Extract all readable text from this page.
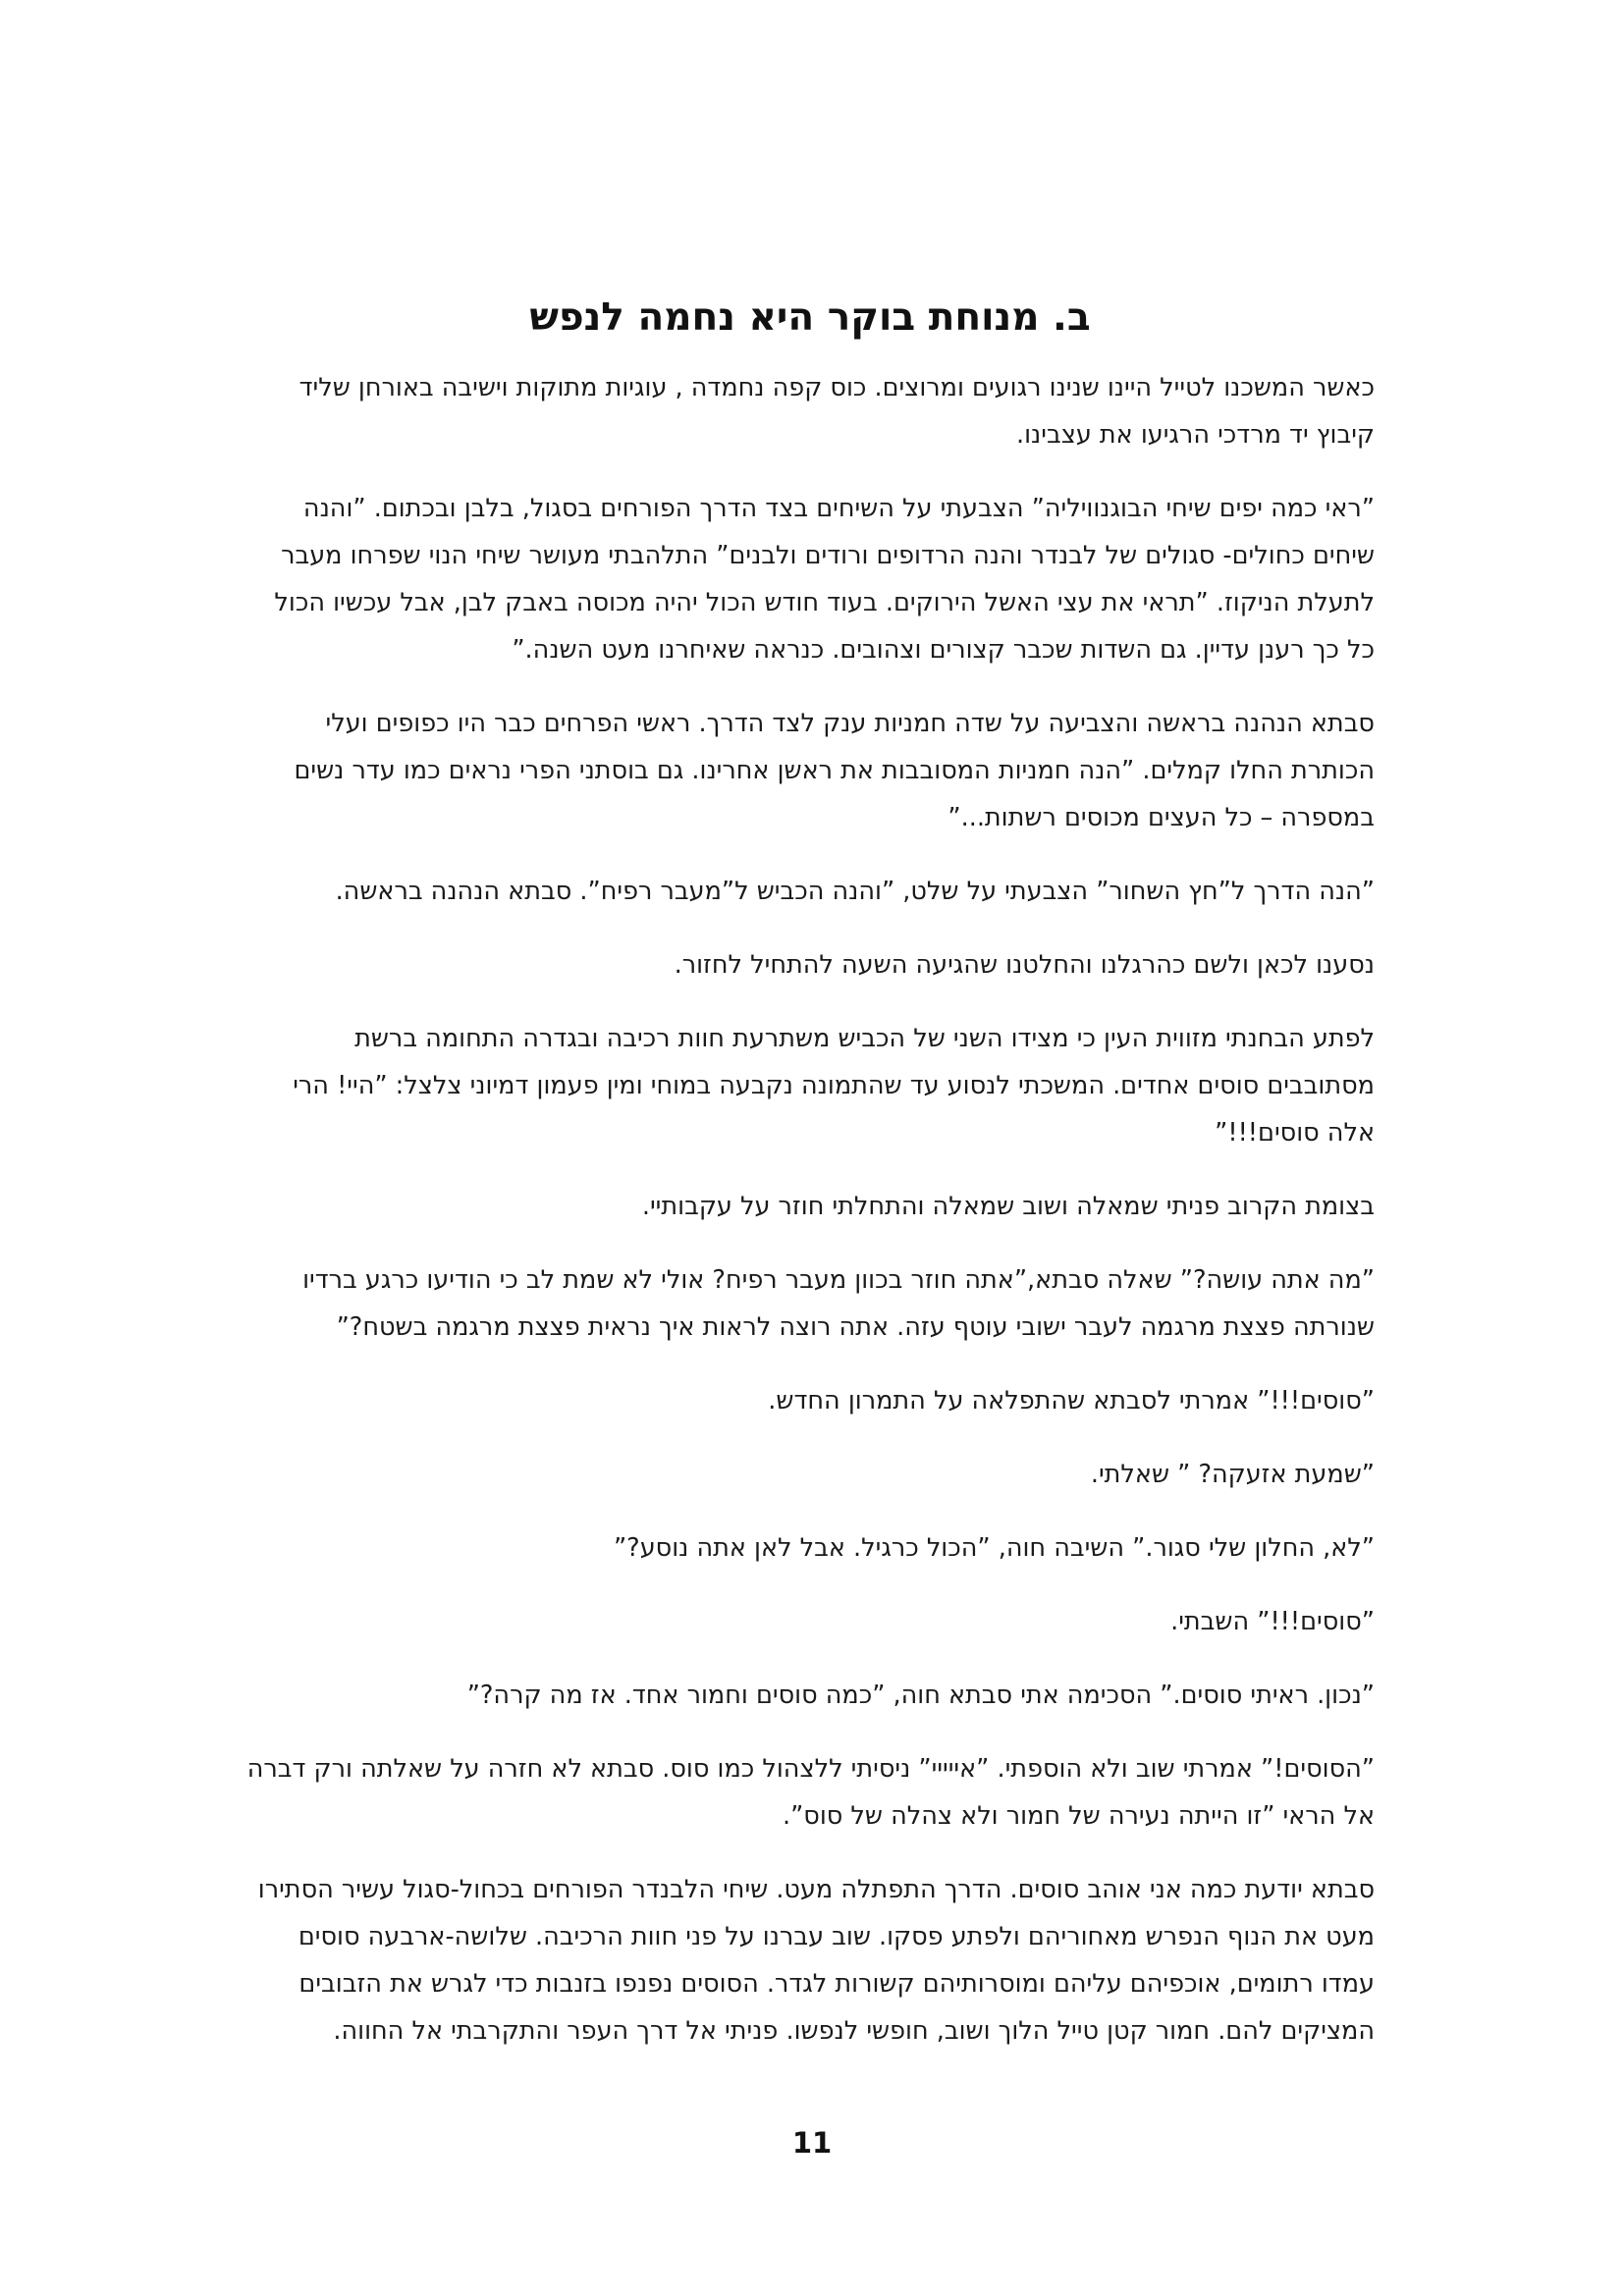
ב. מנוחת בוקר היא נחמה לנפש

כאשר המשכנו לטייל היינו שנינו רגועים ומרוצים. כוס קפה נחמדה , עוגיות מתוקות וישיבה באורחן שליד קיבוץ יד מרדכי הרגיעו את עצבינו.

”ראי כמה יפים שיחי הבוגנוויליה” הצבעתי על השיחים בצד הדרך הפורחים בסגול, בלבן ובכתום. ”והנה שיחים כחולים- סגולים של לבנדר והנה הרדופים ורודים ולבנים” התלהבתי מעושר שיחי הנוי שפרחו מעבר לתעלת הניקוז. ”תראי את עצי האשל הירוקים. בעוד חודש הכול יהיה מכוסה באבק לבן, אבל עכשיו הכול כל כך רענן עדיין. גם השדות שכבר קצורים וצהובים. כנראה שאיחרנו מעט השנה.”

סבתא הנהנה בראשה והצביעה על שדה חמניות ענק לצד הדרך. ראשי הפרחים כבר היו כפופים ועלי הכותרת החלו קמלים. ”הנה חמניות המסובבות את ראשן אחרינו. גם בוסתני הפרי נראים כמו עדר נשים במספרה – כל העצים מכוסים רשתות...”

”הנה הדרך ל”חץ השחור” הצבעתי על שלט, ”והנה הכביש ל”מעבר רפיח”. סבתא הנהנה בראשה.

נסענו לכאן ולשם כהרגלנו והחלטנו שהגיעה השעה להתחיל לחזור.

לפתע הבחנתי מזווית העין כי מצידו השני של הכביש משתרעת חוות רכיבה ובגדרה התחומה ברשת מסתובבים סוסים אחדים. המשכתי לנסוע עד שהתמונה נקבעה במוחי ומין פעמון דמיוני צלצל: ”היי! הרי אלה סוסים!!!”

בצומת הקרוב פניתי שמאלה ושוב שמאלה והתחלתי חוזר על עקבותיי.

”מה אתה עושה?” שאלה סבתא,”אתה חוזר בכוון מעבר רפיח? אולי לא שמת לב כי הודיעו כרגע ברדיו שנורתה פצצת מרגמה לעבר ישובי עוטף עזה. אתה רוצה לראות איך נראית פצצת מרגמה בשטח?”

”סוסים!!!” אמרתי לסבתא שהתפלאה על התמרון החדש.

”שמעת אזעקה? ” שאלתי.

”לא, החלון שלי סגור.” השיבה חוה, ”הכול כרגיל. אבל לאן אתה נוסע?”

”סוסים!!!” השבתי.

”נכון. ראיתי סוסים.” הסכימה אתי סבתא חוה, ”כמה סוסים וחמור אחד. אז מה קרה?”

”הסוסים!” אמרתי שוב ולא הוספתי. ”אייייי” ניסיתי ללצהול כמו סוס. סבתא לא חזרה על שאלתה ורק דברה אל הראי ”זו הייתה נעירה של חמור ולא צהלה של סוס”.

סבתא יודעת כמה אני אוהב סוסים. הדרך התפתלה מעט. שיחי הלבנדר הפורחים בכחול-סגול עשיר הסתירו מעט את הנוף הנפרש מאחוריהם ולפתע פסקו. שוב עברנו על פני חוות הרכיבה. שלושה-ארבעה סוסים עמדו רתומים, אוכפיהם עליהם ומוסרותיהם קשורות לגדר. הסוסים נפנפו בזנבות כדי לגרש את הזבובים המציקים להם. חמור קטן טייל הלוך ושוב, חופשי לנפשו. פניתי אל דרך העפר והתקרבתי אל החווה.

11
